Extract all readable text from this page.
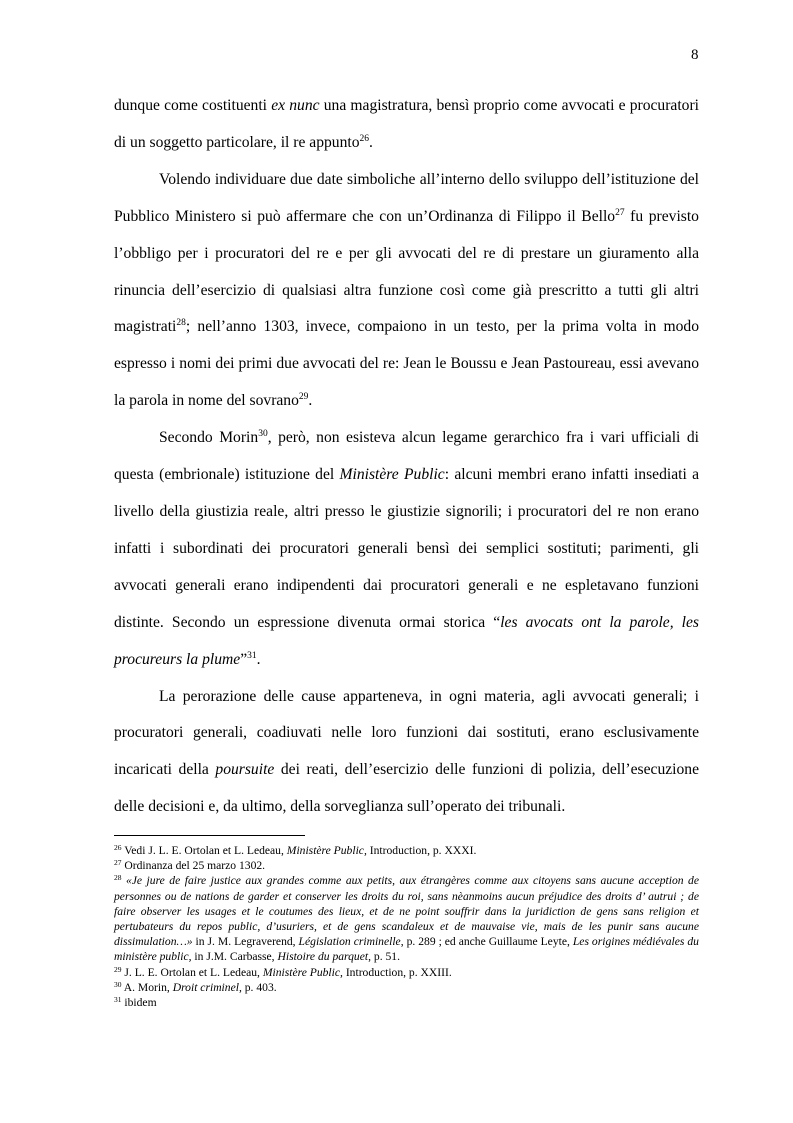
8

dunque come costituenti ex nunc una magistratura, bensì proprio come avvocati e procuratori di un soggetto particolare, il re appunto$^{26}$.

Volendo individuare due date simboliche all’interno dello sviluppo dell’istituzione del Pubblico Ministero si può affermare che con un’Ordinanza di Filippo il Bello$^{27}$ fu previsto l’obbligo per i procuratori del re e per gli avvocati del re di prestare un giuramento alla rinuncia dell’esercizio di qualsiasi altra funzione così come già prescritto a tutti gli altri magistrati$^{28}$; nell’anno 1303, invece, compaiono in un testo, per la prima volta in modo espresso i nomi dei primi due avvocati del re: Jean le Boussu e Jean Pastoureau, essi avevano la parola in nome del sovrano$^{29}$.

Secondo Morin$^{30}$, però, non esisteva alcun legame gerarchico fra i vari ufficiali di questa (embrionale) istituzione del Ministère Public: alcuni membri erano infatti insediati a livello della giustizia reale, altri presso le giustizie signorili; i procuratori del re non erano infatti i subordinati dei procuratori generali bensì dei semplici sostituti; parimenti, gli avvocati generali erano indipendenti dai procuratori generali e ne espletavano funzioni distinte. Secondo un espressione divenuta ormai storica “les avocats ont la parole, les procureurs la plume”$^{31}$.

La perorazione delle cause apparteneva, in ogni materia, agli avvocati generali; i procuratori generali, coadiuvati nelle loro funzioni dai sostituti, erano esclusivamente incaricati della poursuite dei reati, dell’esercizio delle funzioni di polizia, dell’esecuzione delle decisioni e, da ultimo, della sorveglianza sull’operato dei tribunali.

$^{26}$ Vedi J. L. E. Ortolan et L. Ledeau, Ministère Public, Introduction, p. XXXI.

$^{27}$ Ordinanza del 25 marzo 1302.

$^{28}$ «Je jure de faire justice aux grandes comme aux petits, aux étrangères comme aux citoyens sans aucune acception de personnes ou de nations de garder et conserver les droits du roi, sans nèanmoins aucun préjudice des droits d’ autrui ; de faire observer les usages et le coutumes des lieux, et de ne point souffrir dans la juridiction de gens sans religion et pertubateurs du repos public, d’usuriers, et de gens scandaleux et de mauvaise vie, mais de les punir sans aucune dissimulation…» in J. M. Legraverend, Législation criminelle, p. 289 ; ed anche Guillaume Leyte, Les origines médiévales du ministère public, in J.M. Carbasse, Histoire du parquet, p. 51.

$^{29}$ J. L. E. Ortolan et L. Ledeau, Ministère Public, Introduction, p. XXIII.

$^{30}$ A. Morin, Droit criminel, p. 403.

$^{31}$ ibidem
